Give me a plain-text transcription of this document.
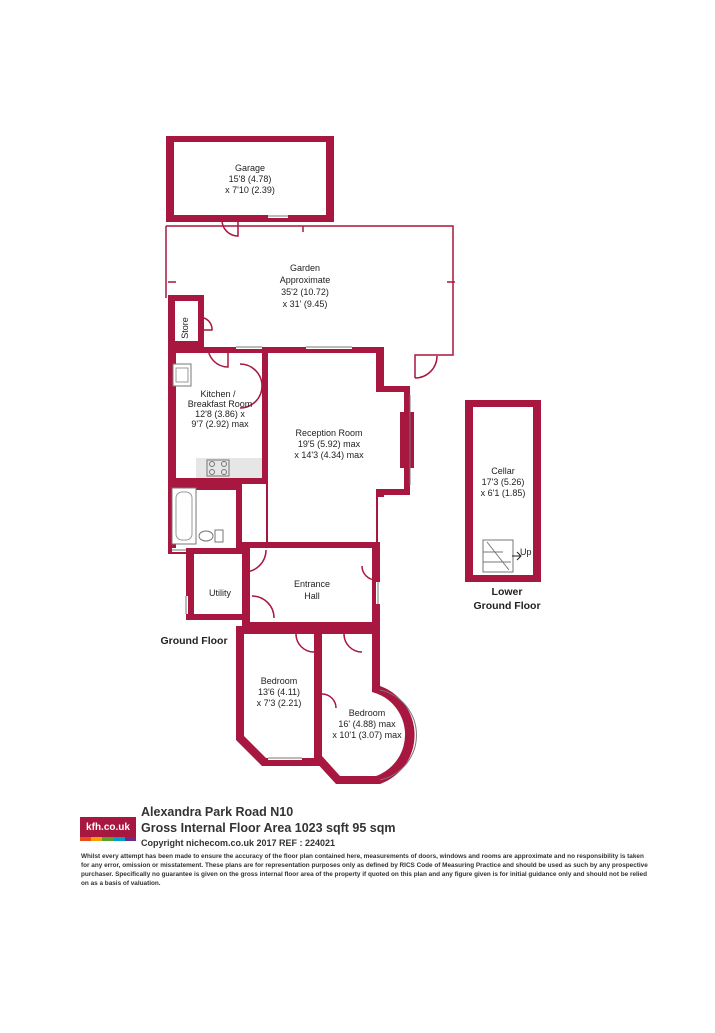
Garage
15'8 (4.78)
x 7'10 (2.39)
Garden
Approximate
35'2 (10.72)
x 31' (9.45)
Store
Kitchen /
Breakfast Room
12'8 (3.86) x
9'7 (2.92) max
Reception Room
19'5 (5.92) max
x 14'3 (4.34) max
Utility
Entrance
Hall
Bedroom
13'6 (4.11)
x 7'3 (2.21)
Bedroom
16' (4.88) max
x 10'1 (3.07) max
Cellar
17'3 (5.26)
x 6'1 (1.85)
Up
Ground Floor
Lower
Ground Floor
kfh.co.uk
Alexandra Park Road N10
Gross Internal Floor Area 1023 sqft 95 sqm
Copyright nichecom.co.uk 2017 REF : 224021
Whilst every attempt has been made to ensure the accuracy of the floor plan contained here, measurements of doors, windows and rooms are approximate and no responsibility is taken for any error, omission or misstatement. These plans are for representation purposes only as defined by RICS Code of Measuring Practice and should be used as such by any prospective purchaser. Specifically no guarantee is given on the gross internal floor area of the property if quoted on this plan and any figure given is for initial guidance only and should not be relied on as a basis of valuation.
